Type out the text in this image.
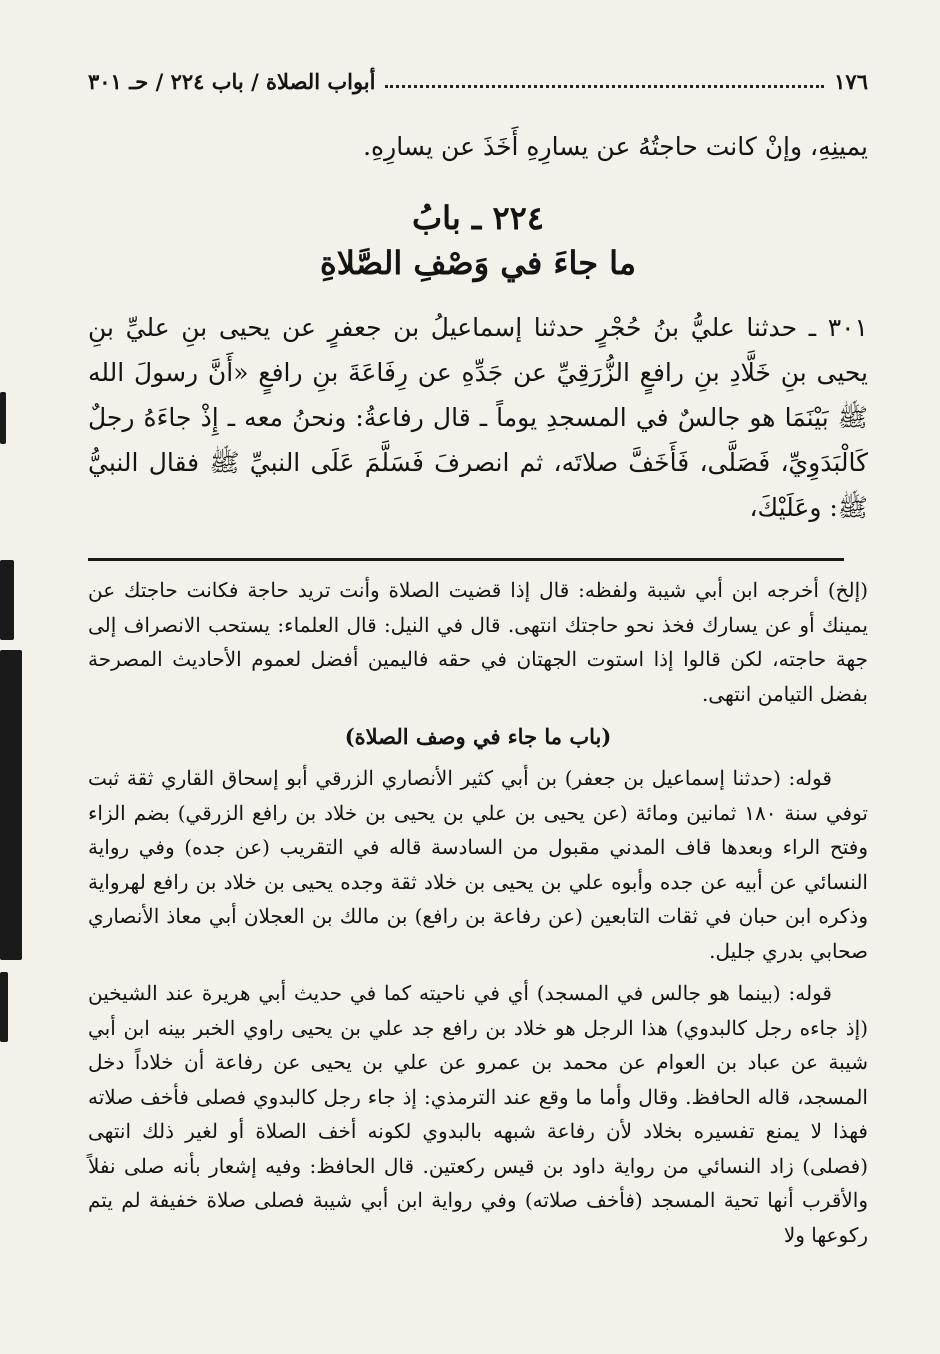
١٧٦
أبواب الصلاة / باب ٢٢٤ / حـ ٣٠١

يمينِهِ، وإنْ كانت حاجتُهُ عن يسارِهِ أَخَذَ عن يسارِهِ.

٢٢٤ ـ بابُ
ما جاءَ في وَصْفِ الصَّلاةِ

٣٠١ ـ حدثنا عليُّ بنُ حُجْرٍ حدثنا إسماعيلُ بن جعفرٍ عن يحيى بنِ عليِّ بنِ يحيى بنِ خَلَّادِ بنِ رافعٍ الزُّرَقِيِّ عن جَدِّهِ عن رِفَاعَةَ بنِ رافعٍ «أَنَّ رسولَ الله ﷺ بَيْنَمَا هو جالسٌ في المسجدِ يوماً ـ قال رفاعةُ: ونحنُ معه ـ إِذْ جاءَهُ رجلٌ كَالْبَدَوِيِّ، فَصَلَّى، فَأَخَفَّ صلاتَه، ثم انصرفَ فَسَلَّمَ عَلَى النبيِّ ﷺ فقال النبيُّ ﷺ: وعَلَيْكَ،

(إلخ) أخرجه ابن أبي شيبة ولفظه: قال إذا قضيت الصلاة وأنت تريد حاجة فكانت حاجتك عن يمينك أو عن يسارك فخذ نحو حاجتك انتهى. قال في النيل: قال العلماء: يستحب الانصراف إلى جهة حاجته، لكن قالوا إذا استوت الجهتان في حقه فاليمين أفضل لعموم الأحاديث المصرحة بفضل التيامن انتهى.

(باب ما جاء في وصف الصلاة)

قوله: (حدثنا إسماعيل بن جعفر) بن أبي كثير الأنصاري الزرقي أبو إسحاق القاري ثقة ثبت توفي سنة ١٨٠ ثمانين ومائة (عن يحيى بن علي بن يحيى بن خلاد بن رافع الزرقي) بضم الزاء وفتح الراء وبعدها قاف المدني مقبول من السادسة قاله في التقريب (عن جده) وفي رواية النسائي عن أبيه عن جده وأبوه علي بن يحيى بن خلاد ثقة وجده يحيى بن خلاد بن رافع لهرواية وذكره ابن حبان في ثقات التابعين (عن رفاعة بن رافع) بن مالك بن العجلان أبي معاذ الأنصاري صحابي بدري جليل.

قوله: (بينما هو جالس في المسجد) أي في ناحيته كما في حديث أبي هريرة عند الشيخين (إذ جاءه رجل كالبدوي) هذا الرجل هو خلاد بن رافع جد علي بن يحيى راوي الخبر بينه ابن أبي شيبة عن عباد بن العوام عن محمد بن عمرو عن علي بن يحيى عن رفاعة أن خلاداً دخل المسجد، قاله الحافظ. وقال وأما ما وقع عند الترمذي: إذ جاء رجل كالبدوي فصلى فأخف صلاته فهذا لا يمنع تفسيره بخلاد لأن رفاعة شبهه بالبدوي لكونه أخف الصلاة أو لغير ذلك انتهى (فصلى) زاد النسائي من رواية داود بن قيس ركعتين. قال الحافظ: وفيه إشعار بأنه صلى نفلاً والأقرب أنها تحية المسجد (فأخف صلاته) وفي رواية ابن أبي شيبة فصلى صلاة خفيفة لم يتم ركوعها ولا
